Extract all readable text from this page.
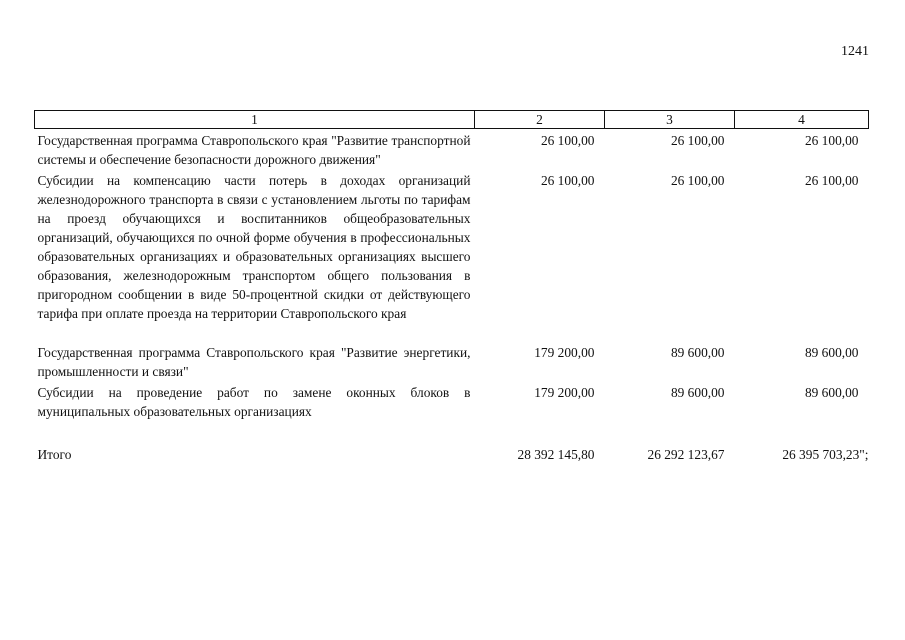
1241
1	2	3	4
Государственная программа Ставропольского края "Развитие транспортной системы и обеспечение безопасности дорожного движения"	26 100,00	26 100,00	26 100,00
Субсидии на компенсацию части потерь в доходах организаций железнодорожного транспорта в связи с установлением льготы по тарифам на проезд обучающихся и воспитанников общеобразовательных организаций, обучающихся по очной форме обучения в профессиональных образовательных организациях и образовательных организациях высшего образования, железнодорожным транспортом общего пользования в пригородном сообщении в виде 50-процентной скидки от действующего тарифа при оплате проезда на территории Ставропольского края	26 100,00	26 100,00	26 100,00

Государственная программа Ставропольского края "Развитие энергетики, промышленности и связи"	179 200,00	89 600,00	89 600,00
Субсидии на проведение работ по замене оконных блоков в муниципальных образовательных организациях	179 200,00	89 600,00	89 600,00

Итого	28 392 145,80	26 292 123,67	26 395 703,23";
